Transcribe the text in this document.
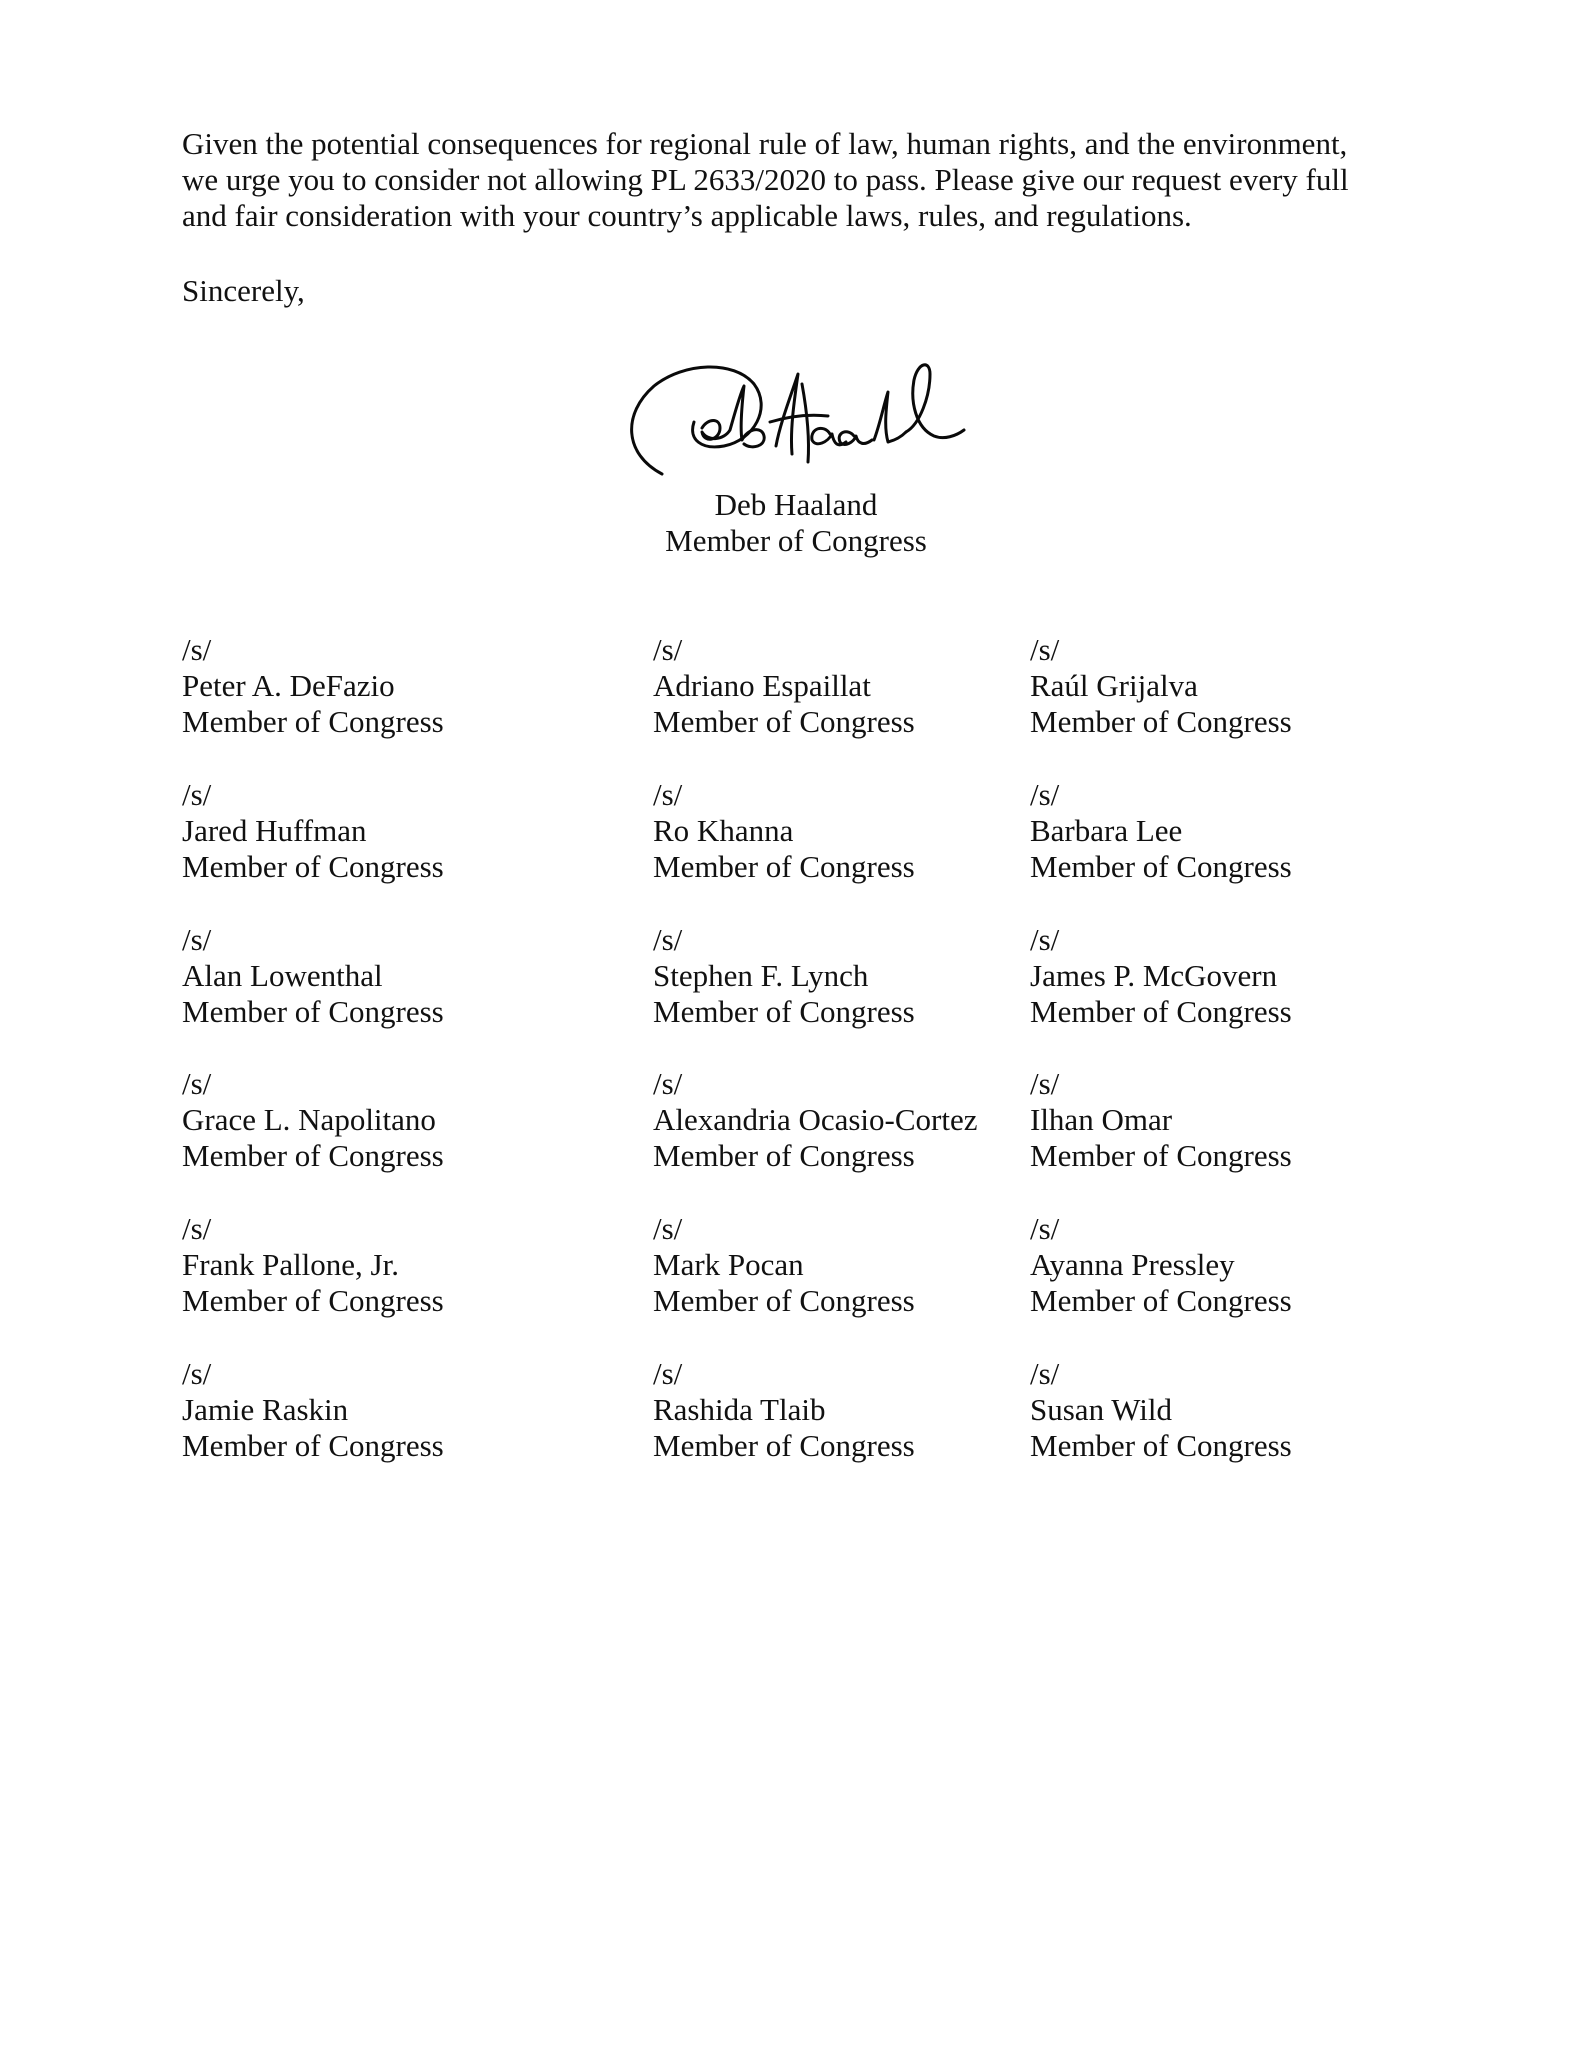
Given the potential consequences for regional rule of law, human rights, and the environment,
we urge you to consider not allowing PL 2633/2020 to pass. Please give our request every full
and fair consideration with your country’s applicable laws, rules, and regulations.

Sincerely,

Deb Haaland
Member of Congress
/s/
Peter A. DeFazio
Member of Congress
/s/
Adriano Espaillat
Member of Congress
/s/
Raúl Grijalva
Member of Congress
/s/
Jared Huffman
Member of Congress
/s/
Ro Khanna
Member of Congress
/s/
Barbara Lee
Member of Congress
/s/
Alan Lowenthal
Member of Congress
/s/
Stephen F. Lynch
Member of Congress
/s/
James P. McGovern
Member of Congress
/s/
Grace L. Napolitano
Member of Congress
/s/
Alexandria Ocasio-Cortez
Member of Congress
/s/
Ilhan Omar
Member of Congress
/s/
Frank Pallone, Jr.
Member of Congress
/s/
Mark Pocan
Member of Congress
/s/
Ayanna Pressley
Member of Congress
/s/
Jamie Raskin
Member of Congress
/s/
Rashida Tlaib
Member of Congress
/s/
Susan Wild
Member of Congress
